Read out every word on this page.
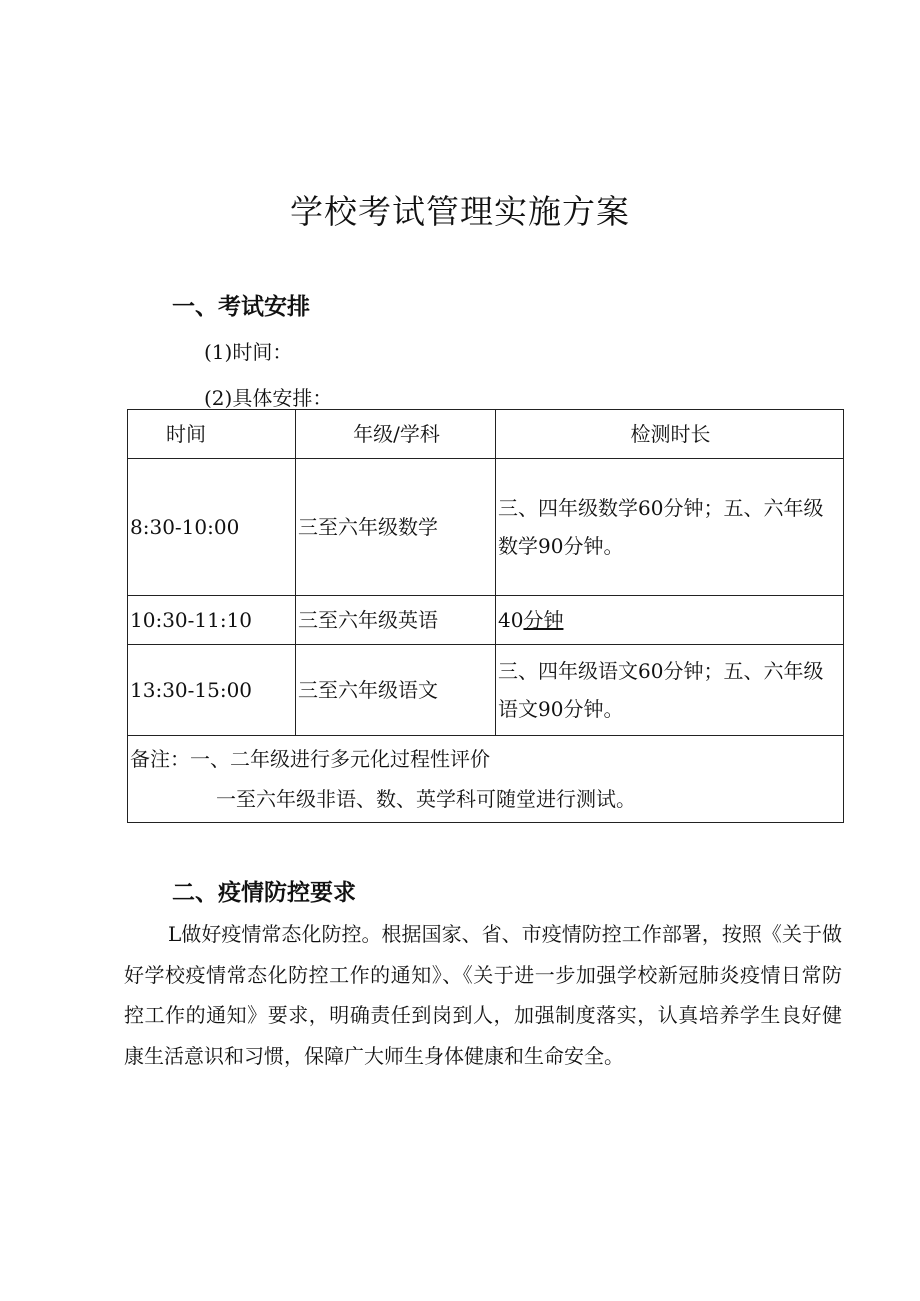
学校考试管理实施方案
一、考试安排
(1)时间：
(2)具体安排：
时间	年级/学科	检测时长
8:30-10:00	三至六年级数学	三、四年级数学60分钟；五、六年级数学90分钟。
10:30-11:10	三至六年级英语	40分钟
13:30-15:00	三至六年级语文	三、四年级语文60分钟；五、六年级语文90分钟。
备注：一、二年级进行多元化过程性评价
一至六年级非语、数、英学科可随堂进行测试。		
二、疫情防控要求

L做好疫情常态化防控。根据国家、省、市疫情防控工作部署，按照《关于做好学校疫情常态化防控工作的通知》、《关于进一步加强学校新冠肺炎疫情日常防控工作的通知》要求，明确责任到岗到人，加强制度落实，认真培养学生良好健康生活意识和习惯，保障广大师生身体健康和生命安全。
